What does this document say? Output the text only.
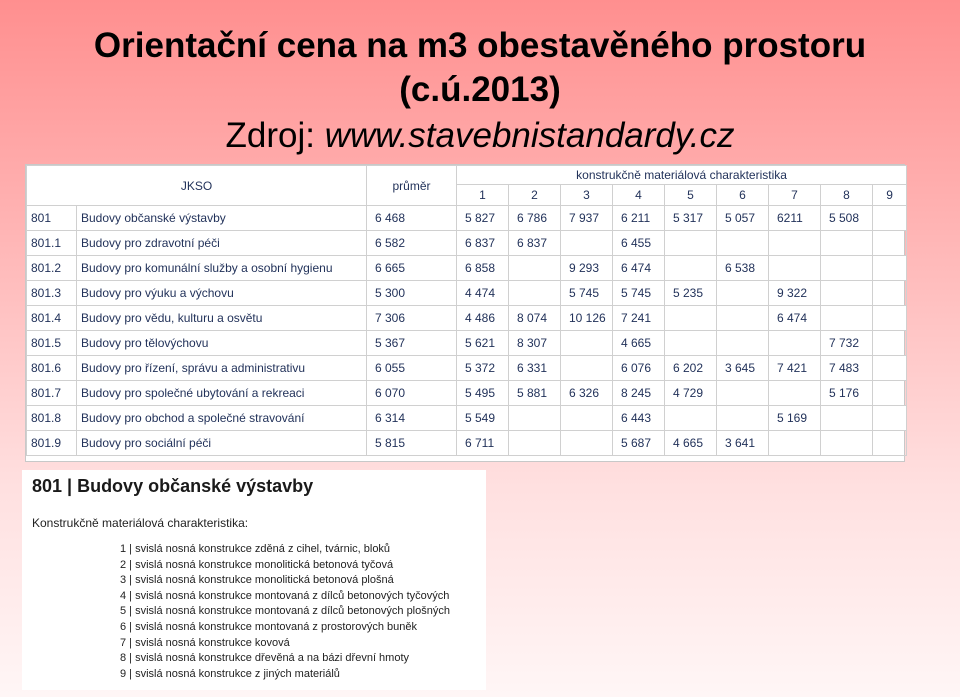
Orientační cena na m3 obestavěného prostoru
(c.ú.2013)
Zdroj: www.stavebnistandardy.cz
JKSO		průměr	konstrukčně materiálová charakteristika								
			1	2	3	4	5	6	7	8	9
801	Budovy občanské výstavby	6 468	5 827	6 786	7 937	6 211	5 317	5 057	6211	5 508	
801.1	Budovy pro zdravotní péči	6 582	6 837	6 837		6 455					
801.2	Budovy pro komunální služby a osobní hygienu	6 665	6 858		9 293	6 474		6 538			
801.3	Budovy pro výuku a výchovu	5 300	4 474		5 745	5 745	5 235		9 322		
801.4	Budovy pro vědu, kulturu a osvětu	7 306	4 486	8 074	10 126	7 241			6 474		
801.5	Budovy pro tělovýchovu	5 367	5 621	8 307		4 665				7 732	
801.6	Budovy pro řízení, správu a administrativu	6 055	5 372	6 331		6 076	6 202	3 645	7 421	7 483	
801.7	Budovy pro společné ubytování a rekreaci	6 070	5 495	5 881	6 326	8 245	4 729			5 176	
801.8	Budovy pro obchod a společné stravování	6 314	5 549			6 443			5 169		
801.9	Budovy pro sociální péči	5 815	6 711			5 687	4 665	3 641			
801 | Budovy občanské výstavby
Konstrukčně materiálová charakteristika:
1 | svislá nosná konstrukce zděná z cihel, tvárnic, bloků
2 | svislá nosná konstrukce monolitická betonová tyčová
3 | svislá nosná konstrukce monolitická betonová plošná
4 | svislá nosná konstrukce montovaná z dílců betonových tyčových
5 | svislá nosná konstrukce montovaná z dílců betonových plošných
6 | svislá nosná konstrukce montovaná z prostorových buněk
7 | svislá nosná konstrukce kovová
8 | svislá nosná konstrukce dřevěná a na bázi dřevní hmoty
9 | svislá nosná konstrukce z jiných materiálů
